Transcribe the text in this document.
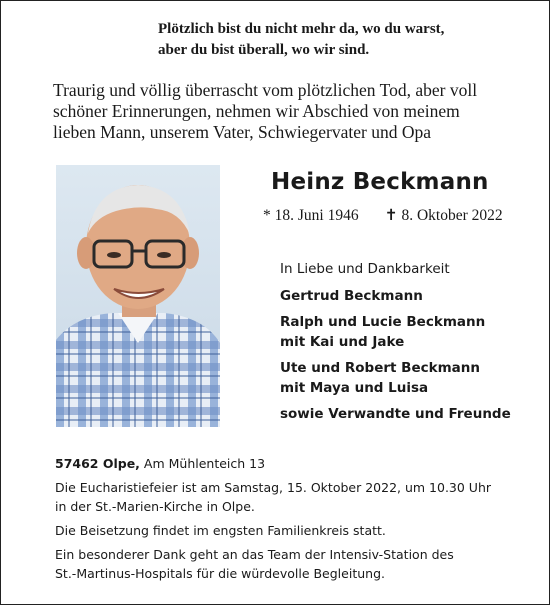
Plötzlich bist du nicht mehr da, wo du warst,
aber du bist überall, wo wir sind.
Traurig und völlig überrascht vom plötzlichen Tod, aber voll
schöner Erinnerungen, nehmen wir Abschied von meinem
lieben Mann, unserem Vater, Schwiegervater und Opa
Heinz Beckmann
* 18. Juni 1946 ✝ 8. Oktober 2022
In Liebe und Dankbarkeit
Gertrud Beckmann
Ralph und Lucie Beckmann
mit Kai und Jake
Ute und Robert Beckmann
mit Maya und Luisa
sowie Verwandte und Freunde

57462 Olpe, Am Mühlenteich 13

Die Eucharistiefeier ist am Samstag, 15. Oktober 2022, um 10.30 Uhr
in der St.-Marien-Kirche in Olpe.

Die Beisetzung findet im engsten Familienkreis statt.

Ein besonderer Dank geht an das Team der Intensiv-Station des
St.-Martinus-Hospitals für die würdevolle Begleitung.
